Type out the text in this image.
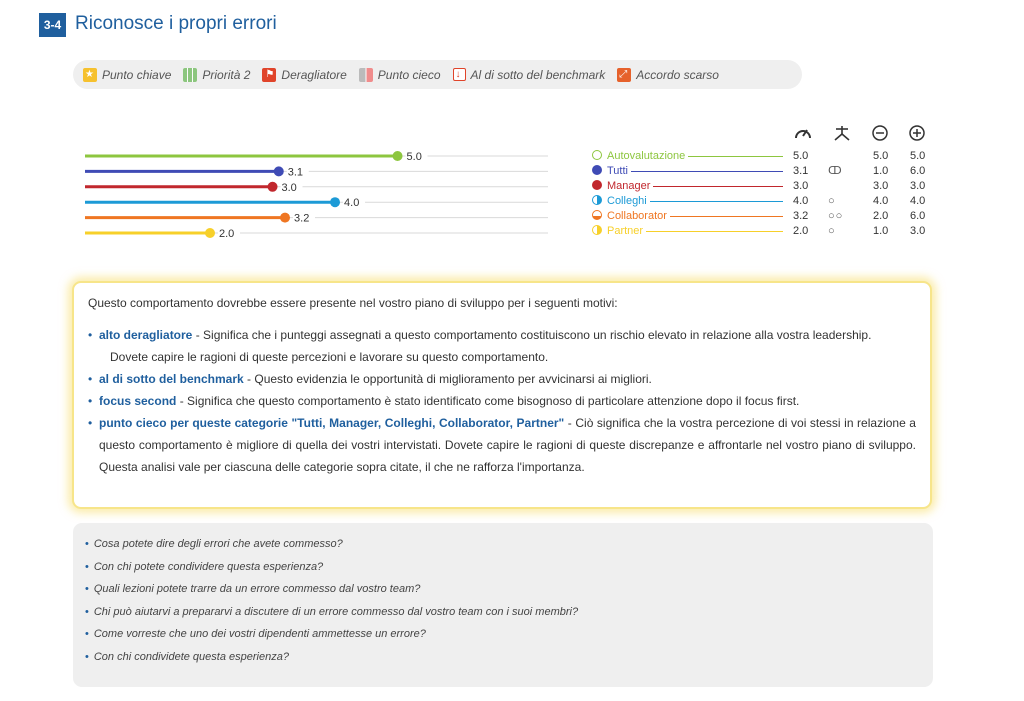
3-4 Riconosce i propri errori
★
Punto chiave	Priorità 2 ⚑	Deragliatore	Punto cieco ↓	Al di sotto del benchmark ⤢	Accordo scarso
5.0
3.1
3.0
4.0
3.2
2.0
Autovalutazione	5.0	5.0 5.0
Tutti	3.1 ↀ	1.0 6.0
Manager	3.0	3.0 3.0
Colleghi	4.0 ○	4.0 4.0
Collaborator	3.2 ○○	2.0 6.0
Partner	2.0 ○	1.0 3.0
Questo comportamento dovrebbe essere presente nel vostro piano di sviluppo per i seguenti motivi:
• alto deragliatore - Significa che i punteggi assegnati a questo comportamento costituiscono un rischio elevato in relazione alla vostra leadership.
Dovete capire le ragioni di queste percezioni e lavorare su questo comportamento.
• al di sotto del benchmark - Questo evidenzia le opportunità di miglioramento per avvicinarsi ai migliori.
• focus second - Significa che questo comportamento è stato identificato come bisognoso di particolare attenzione dopo il focus first.
• punto cieco per queste categorie "Tutti, Manager, Colleghi, Collaborator, Partner" - Ciò significa che la vostra percezione di voi stessi in relazione a questo comportamento è migliore di quella dei vostri intervistati. Dovete capire le ragioni di queste discrepanze e affrontarle nel vostro piano di sviluppo. Questa analisi vale per ciascuna delle categorie sopra citate, il che ne rafforza l'importanza.
• Cosa potete dire degli errori che avete commesso?
• Con chi potete condividere questa esperienza?
• Quali lezioni potete trarre da un errore commesso dal vostro team?
• Chi può aiutarvi a prepararvi a discutere di un errore commesso dal vostro team con i suoi membri?
• Come vorreste che uno dei vostri dipendenti ammettesse un errore?
• Con chi condividete questa esperienza?
